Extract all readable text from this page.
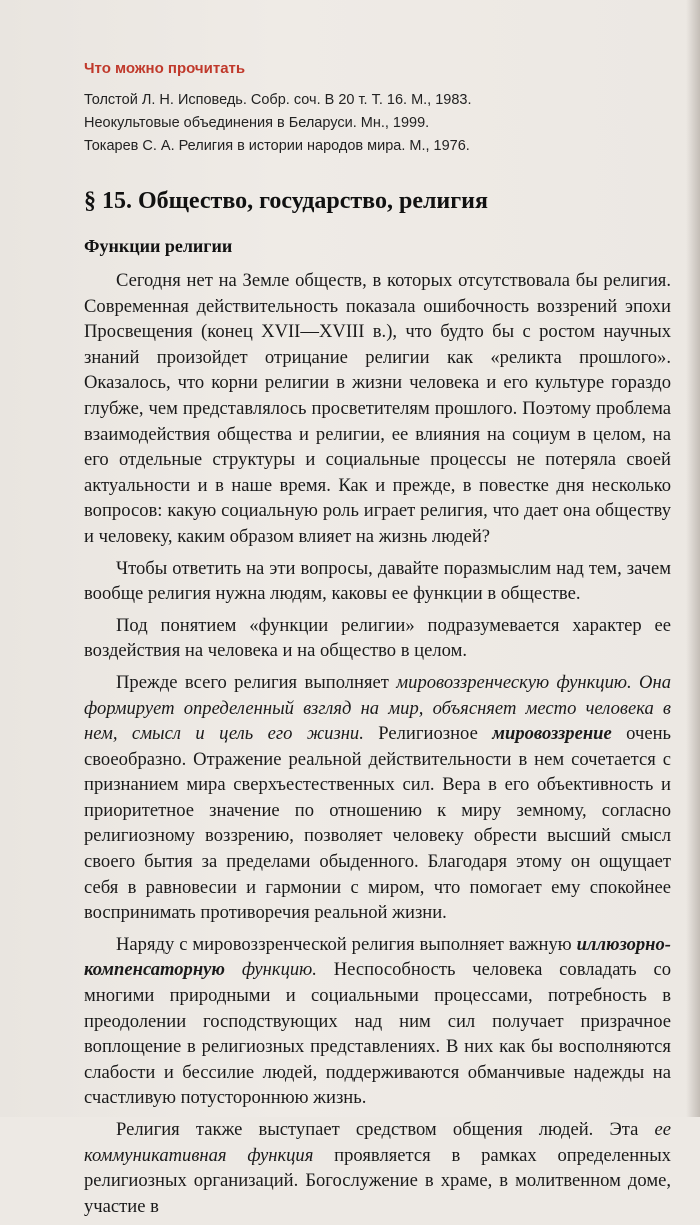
Что можно прочитать
Толстой Л. Н. Исповедь. Собр. соч. В 20 т. Т. 16. М., 1983.
Неокультовые объединения в Беларуси. Мн., 1999.
Токарев С. А. Религия в истории народов мира. М., 1976.
§ 15. Общество, государство, религия
Функции религии

Сегодня нет на Земле обществ, в которых отсутствовала бы религия. Современная действительность показала ошибочность воззрений эпохи Просвещения (конец XVII—XVIII в.), что будто бы с ростом научных знаний произойдет отрицание религии как «реликта прошлого». Оказалось, что корни религии в жизни человека и его культуре гораздо глубже, чем представлялось просветителям прошлого. Поэтому проблема взаимодействия общества и религии, ее влияния на социум в целом, на его отдельные структуры и социальные процессы не потеряла своей актуальности и в наше время. Как и прежде, в повестке дня несколько вопросов: какую социальную роль играет религия, что дает она обществу и человеку, каким образом влияет на жизнь людей?

Чтобы ответить на эти вопросы, давайте поразмыслим над тем, зачем вообще религия нужна людям, каковы ее функции в обществе.

Под понятием «функции религии» подразумевается характер ее воздействия на человека и на общество в целом.

Прежде всего религия выполняет мировоззренческую функцию. Она формирует определенный взгляд на мир, объясняет место человека в нем, смысл и цель его жизни. Религиозное мировоззрение очень своеобразно. Отражение реальной действительности в нем сочетается с признанием мира сверхъестественных сил. Вера в его объективность и приоритетное значение по отношению к миру земному, согласно религиозному воззрению, позволяет человеку обрести высший смысл своего бытия за пределами обыденного. Благодаря этому он ощущает себя в равновесии и гармонии с миром, что помогает ему спокойнее воспринимать противоречия реальной жизни.

Наряду с мировоззренческой религия выполняет важную иллюзорно-компенсаторную функцию. Неспособность человека совладать со многими природными и социальными процессами, потребность в преодолении господствующих над ним сил получает призрачное воплощение в религиозных представлениях. В них как бы восполняются слабости и бессилие людей, поддерживаются обманчивые надежды на счастливую потустороннюю жизнь.

Религия также выступает средством общения людей. Эта ее коммуникативная функция проявляется в рамках определенных религиозных организаций. Богослужение в храме, в молитвенном доме, участие в
